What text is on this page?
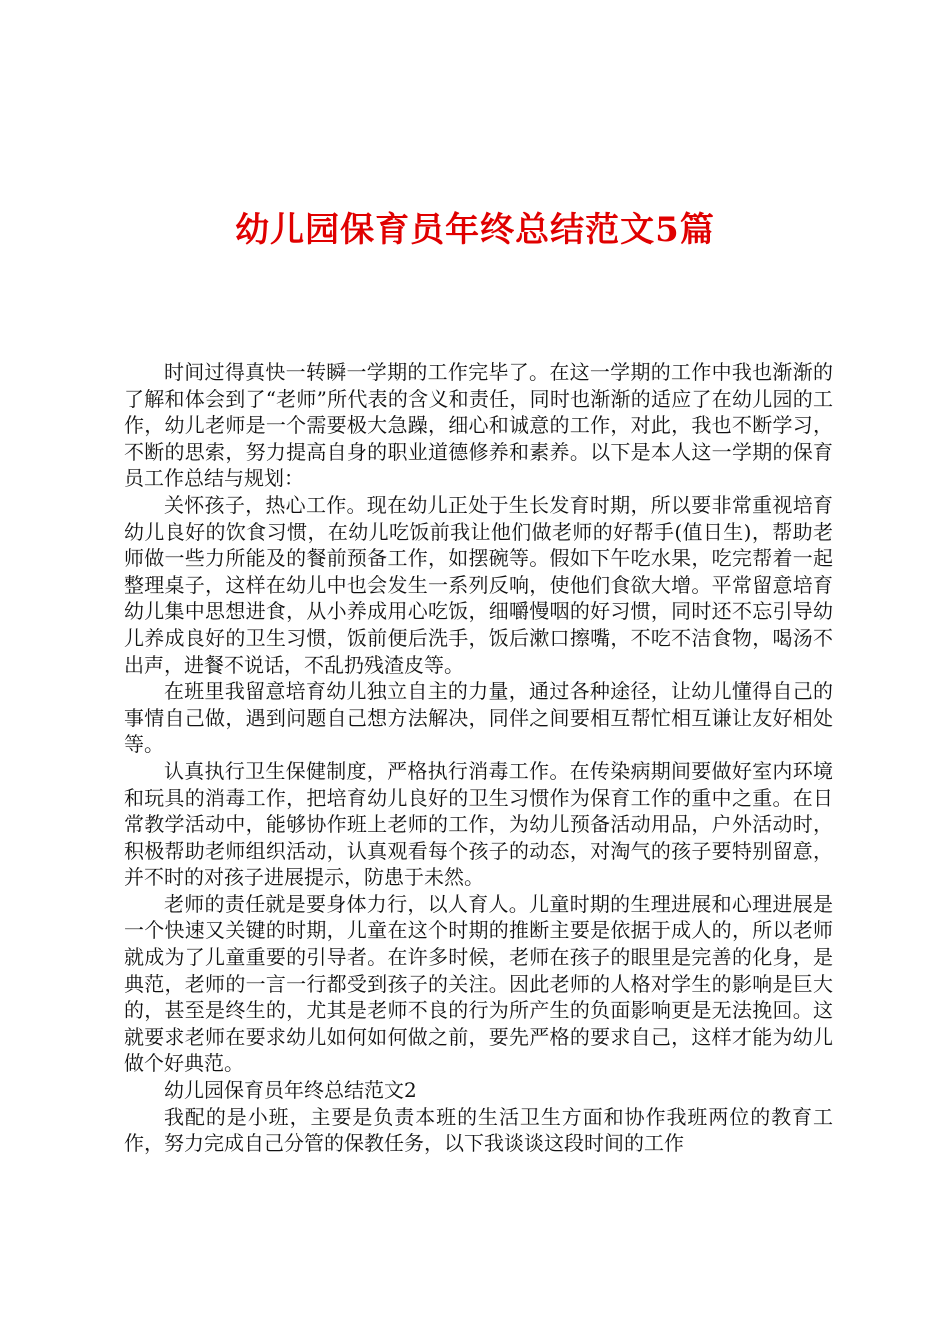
幼儿园保育员年终总结范文5篇

时间过得真快一转瞬一学期的工作完毕了。在这一学期的工作中我也渐渐的了解和体会到了“老师”所代表的含义和责任，同时也渐渐的适应了在幼儿园的工作，幼儿老师是一个需要极大急躁，细心和诚意的工作，对此，我也不断学习，不断的思索，努力提高自身的职业道德修养和素养。以下是本人这一学期的保育员工作总结与规划：

关怀孩子，热心工作。现在幼儿正处于生长发育时期，所以要非常重视培育幼儿良好的饮食习惯，在幼儿吃饭前我让他们做老师的好帮手(值日生)，帮助老师做一些力所能及的餐前预备工作，如摆碗等。假如下午吃水果，吃完帮着一起整理桌子，这样在幼儿中也会发生一系列反响，使他们食欲大增。平常留意培育幼儿集中思想进食，从小养成用心吃饭，细嚼慢咽的好习惯，同时还不忘引导幼儿养成良好的卫生习惯，饭前便后洗手，饭后漱口擦嘴，不吃不洁食物，喝汤不出声，进餐不说话，不乱扔残渣皮等。

在班里我留意培育幼儿独立自主的力量，通过各种途径，让幼儿懂得自己的事情自己做，遇到问题自己想方法解决，同伴之间要相互帮忙相互谦让友好相处等。

认真执行卫生保健制度，严格执行消毒工作。在传染病期间要做好室内环境和玩具的消毒工作，把培育幼儿良好的卫生习惯作为保育工作的重中之重。在日常教学活动中，能够协作班上老师的工作，为幼儿预备活动用品，户外活动时，积极帮助老师组织活动，认真观看每个孩子的动态，对淘气的孩子要特别留意，并不时的对孩子进展提示，防患于未然。

老师的责任就是要身体力行，以人育人。儿童时期的生理进展和心理进展是一个快速又关键的时期，儿童在这个时期的推断主要是依据于成人的，所以老师就成为了儿童重要的引导者。在许多时候，老师在孩子的眼里是完善的化身，是典范，老师的一言一行都受到孩子的关注。因此老师的人格对学生的影响是巨大的，甚至是终生的，尤其是老师不良的行为所产生的负面影响更是无法挽回。这就要求老师在要求幼儿如何如何做之前，要先严格的要求自己，这样才能为幼儿做个好典范。

幼儿园保育员年终总结范文2

我配的是小班，主要是负责本班的生活卫生方面和协作我班两位的教育工作，努力完成自己分管的保教任务，以下我谈谈这段时间的工作
